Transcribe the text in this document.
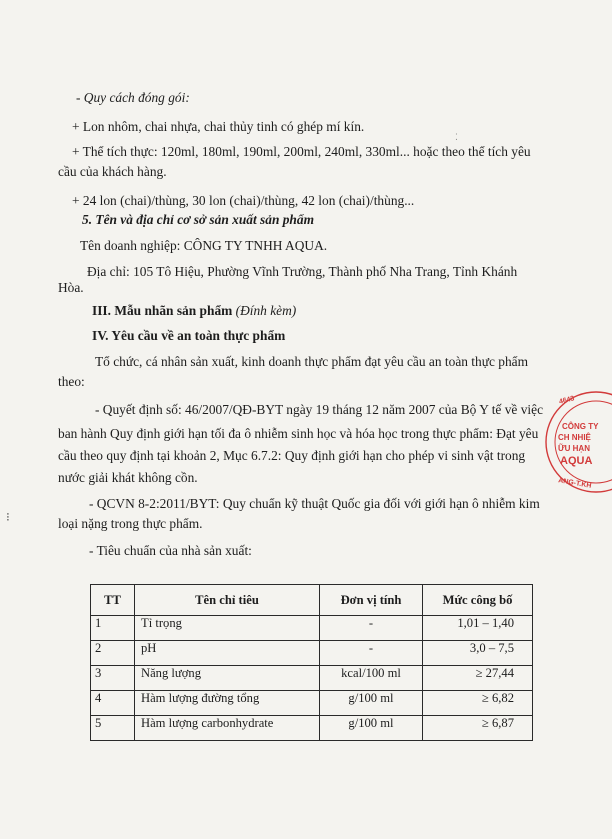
- Quy cách đóng gói:
+ Lon nhôm, chai nhựa, chai thủy tinh có ghép mí kín.
+ Thể tích thực: 120ml, 180ml, 190ml, 200ml, 240ml, 330ml... hoặc theo thể tích yêu
cầu của khách hàng.
+ 24 lon (chai)/thùng, 30 lon (chai)/thùng, 42 lon (chai)/thùng...
5. Tên và địa chỉ cơ sở sản xuất sản phẩm
Tên doanh nghiệp: CÔNG TY TNHH AQUA.
Địa chỉ: 105 Tô Hiệu, Phường Vĩnh Trường, Thành phố Nha Trang, Tỉnh Khánh
Hòa.
III. Mẫu nhãn sản phẩm (Đính kèm)
IV. Yêu cầu về an toàn thực phẩm
Tổ chức, cá nhân sản xuất, kinh doanh thực phẩm đạt yêu cầu an toàn thực phẩm
theo:
- Quyết định số: 46/2007/QĐ-BYT ngày 19 tháng 12 năm 2007 của Bộ Y tế về việc
ban hành Quy định giới hạn tối đa ô nhiễm sinh học và hóa học trong thực phẩm: Đạt yêu
cầu theo quy định tại khoản 2, Mục 6.7.2: Quy định giới hạn cho phép vi sinh vật trong
nước giải khát không cồn.
- QCVN 8-2:2011/BYT: Quy chuẩn kỹ thuật Quốc gia đối với giới hạn ô nhiễm kim
loại nặng trong thực phẩm.
- Tiêu chuẩn của nhà sản xuất:
TT	Tên chỉ tiêu	Đơn vị tính	Mức công bố
1	Tỉ trọng	-	1,01 – 1,40
2	pH	-	3,0 – 7,5
3	Năng lượng	kcal/100 ml	≥ 27,44
4	Hàm lượng đường tổng	g/100 ml	≥ 6,82
5	Hàm lượng carbonhydrate	g/100 ml	≥ 6,87
4643
CÔNG TY
CH NHIỆ
ỮU HẠN
AQUA
ANG-T.KH
⁝
⁚
